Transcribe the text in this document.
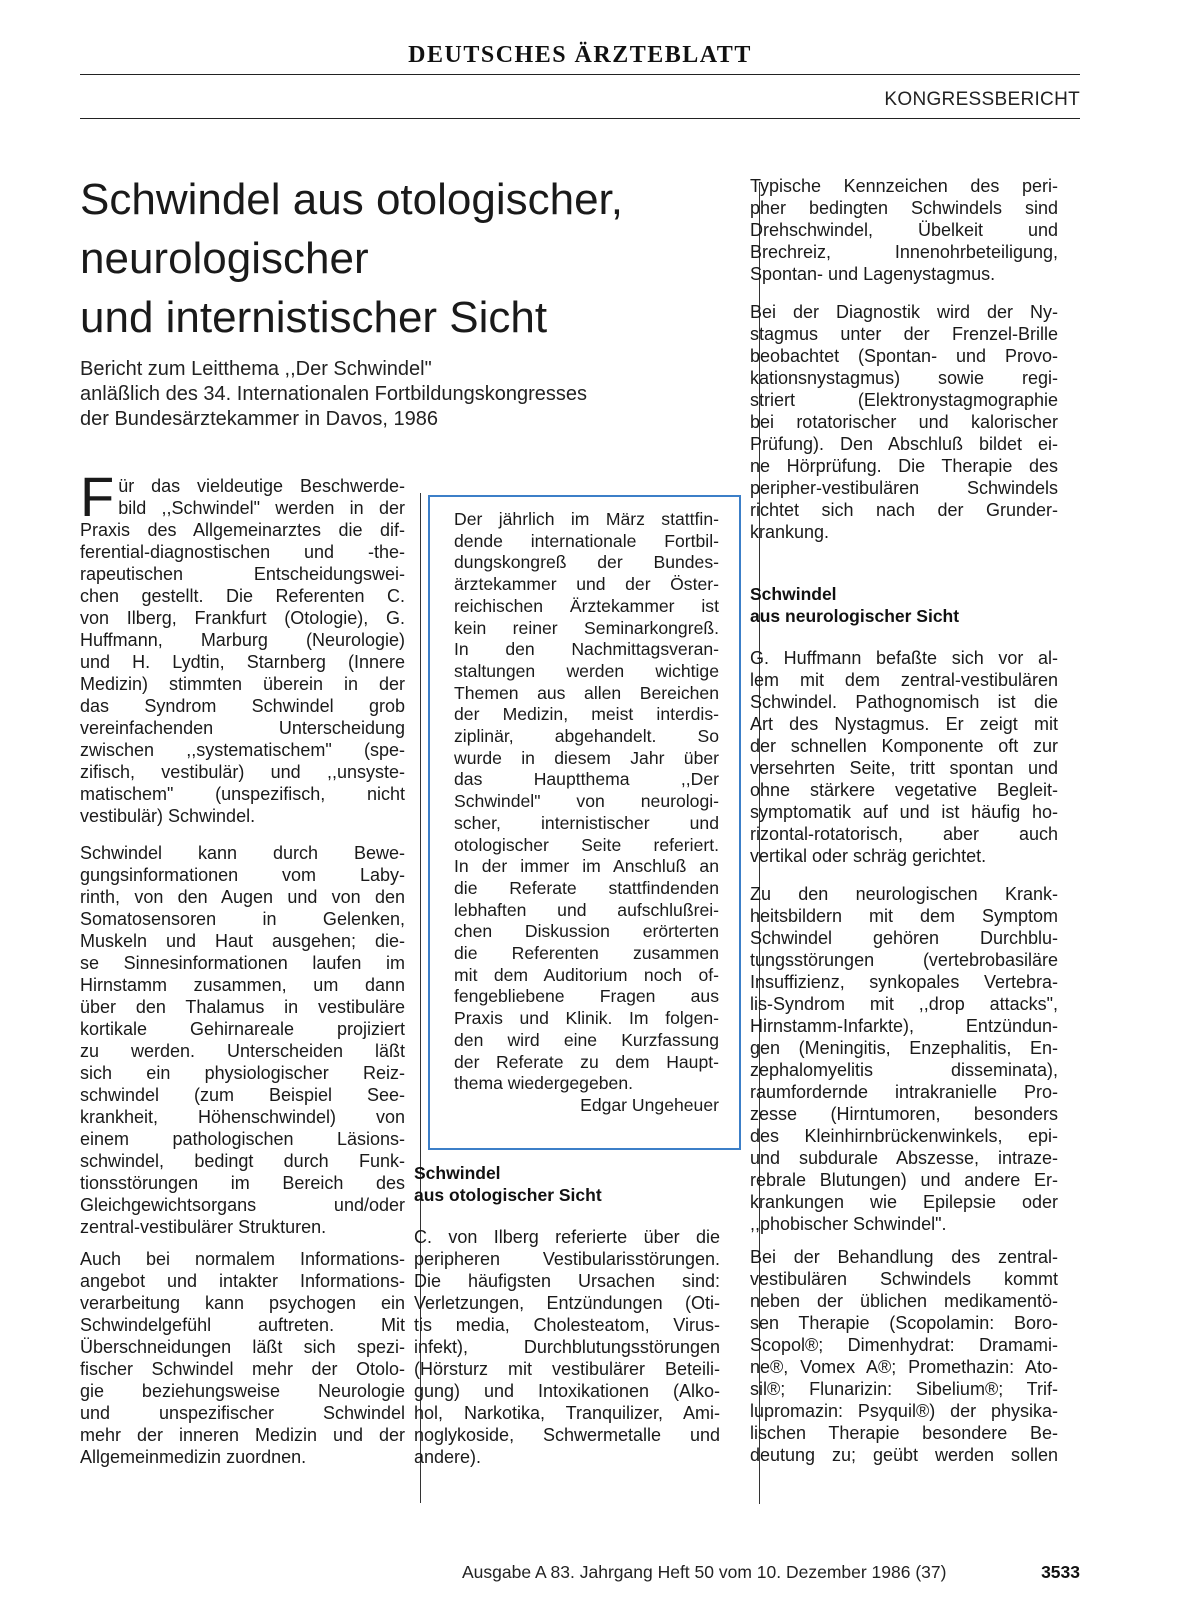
DEUTSCHES ÄRZTEBLATT
KONGRESSBERICHT
Schwindel aus otologischer,
neurologischer
und internistischer Sicht
Bericht zum Leitthema ,,Der Schwindel"
anläßlich des 34. Internationalen Fortbildungskongresses
der Bundesärztekammer in Davos, 1986
F ür das vieldeutige Beschwerde-
bild ,,Schwindel" werden in der
Praxis des Allgemeinarztes die dif-
ferential-diagnostischen und -the-
rapeutischen Entscheidungswei-
chen gestellt. Die Referenten C.
von Ilberg, Frankfurt (Otologie), G.
Huffmann, Marburg (Neurologie)
und H. Lydtin, Starnberg (Innere
Medizin) stimmten überein in der
das Syndrom Schwindel grob
vereinfachenden Unterscheidung
zwischen ,,systematischem" (spe-
zifisch, vestibulär) und ,,unsyste-
matischem" (unspezifisch, nicht
vestibulär) Schwindel.
Schwindel kann durch Bewe-
gungsinformationen vom Laby-
rinth, von den Augen und von den
Somatosensoren in Gelenken,
Muskeln und Haut ausgehen; die-
se Sinnesinformationen laufen im
Hirnstamm zusammen, um dann
über den Thalamus in vestibuläre
kortikale Gehirnareale projiziert
zu werden. Unterscheiden läßt
sich ein physiologischer Reiz-
schwindel (zum Beispiel See-
krankheit, Höhenschwindel) von
einem pathologischen Läsions-
schwindel, bedingt durch Funk-
tionsstörungen im Bereich des
Gleichgewichtsorgans und/oder
zentral-vestibulärer Strukturen.
Auch bei normalem Informations-
angebot und intakter Informations-
verarbeitung kann psychogen ein
Schwindelgefühl auftreten. Mit
Überschneidungen läßt sich spezi-
fischer Schwindel mehr der Otolo-
gie beziehungsweise Neurologie
und unspezifischer Schwindel
mehr der inneren Medizin und der
Allgemeinmedizin zuordnen.
Der jährlich im März stattfin-
dende internationale Fortbil-
dungskongreß der Bundes-
ärztekammer und der Öster-
reichischen Ärztekammer ist
kein reiner Seminarkongreß.
In den Nachmittagsveran-
staltungen werden wichtige
Themen aus allen Bereichen
der Medizin, meist interdis-
ziplinär, abgehandelt. So
wurde in diesem Jahr über
das Hauptthema ,,Der
Schwindel" von neurologi-
scher, internistischer und
otologischer Seite referiert.
In der immer im Anschluß an
die Referate stattfindenden
lebhaften und aufschlußrei-
chen Diskussion erörterten
die Referenten zusammen
mit dem Auditorium noch of-
fengebliebene Fragen aus
Praxis und Klinik. Im folgen-
den wird eine Kurzfassung
der Referate zu dem Haupt-
thema wiedergegeben.
Edgar Ungeheuer
Schwindel
aus otologischer Sicht
C. von Ilberg referierte über die
peripheren Vestibularisstörungen.
Die häufigsten Ursachen sind:
Verletzungen, Entzündungen (Oti-
tis media, Cholesteatom, Virus-
infekt), Durchblutungsstörungen
(Hörsturz mit vestibulärer Beteili-
gung) und Intoxikationen (Alko-
hol, Narkotika, Tranquilizer, Ami-
noglykoside, Schwermetalle und
andere).
Typische Kennzeichen des peri-
pher bedingten Schwindels sind
Drehschwindel, Übelkeit und
Brechreiz, Innenohrbeteiligung,
Spontan- und Lagenystagmus.
Bei der Diagnostik wird der Ny-
stagmus unter der Frenzel-Brille
beobachtet (Spontan- und Provo-
kationsnystagmus) sowie regi-
striert (Elektronystagmographie
bei rotatorischer und kalorischer
Prüfung). Den Abschluß bildet ei-
ne Hörprüfung. Die Therapie des
peripher-vestibulären Schwindels
richtet sich nach der Grunder-
krankung.
Schwindel
aus neurologischer Sicht
G. Huffmann befaßte sich vor al-
lem mit dem zentral-vestibulären
Schwindel. Pathognomisch ist die
Art des Nystagmus. Er zeigt mit
der schnellen Komponente oft zur
versehrten Seite, tritt spontan und
ohne stärkere vegetative Begleit-
symptomatik auf und ist häufig ho-
rizontal-rotatorisch, aber auch
vertikal oder schräg gerichtet.
Zu den neurologischen Krank-
heitsbildern mit dem Symptom
Schwindel gehören Durchblu-
tungsstörungen (vertebrobasiläre
Insuffizienz, synkopales Vertebra-
lis-Syndrom mit ,,drop attacks",
Hirnstamm-Infarkte), Entzündun-
gen (Meningitis, Enzephalitis, En-
zephalomyelitis disseminata),
raumfordernde intrakranielle Pro-
zesse (Hirntumoren, besonders
des Kleinhirnbrückenwinkels, epi-
und subdurale Abszesse, intraze-
rebrale Blutungen) und andere Er-
krankungen wie Epilepsie oder
,,phobischer Schwindel".
Bei der Behandlung des zentral-
vestibulären Schwindels kommt
neben der üblichen medikamentö-
sen Therapie (Scopolamin: Boro-
Scopol®; Dimenhydrat: Dramami-
ne®, Vomex A®; Promethazin: Ato-
sil®; Flunarizin: Sibelium®; Trif-
lupromazin: Psyquil®) der physika-
lischen Therapie besondere Be-
deutung zu; geübt werden sollen
Ausgabe A 83. Jahrgang Heft 50 vom 10. Dezember 1986 (37)	3533
